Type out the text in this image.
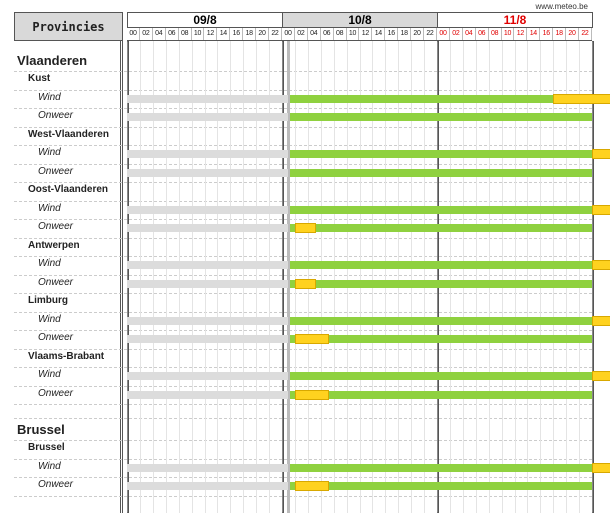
www.meteo.be
Provincies	09/8	10/8	11/8
00 02 04 06 08 10 12 14 16 18 20 22 00 02 04 06 08 10 12 14 16 18 20 22 00 02 04 06 08 10 12 14 16 18 20 22
Vlaanderen
Kust
Wind
Onweer
West-Vlaanderen
Wind
Onweer
Oost-Vlaanderen
Wind
Onweer
Antwerpen
Wind
Onweer
Limburg
Wind
Onweer
Vlaams-Brabant
Wind
Onweer
Brussel
Brussel
Wind
Onweer
